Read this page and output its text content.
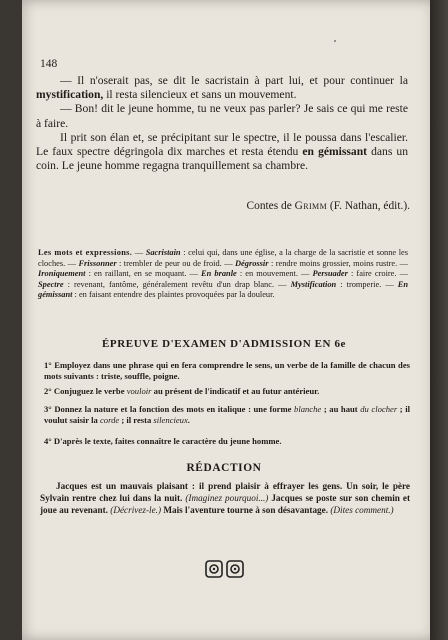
148

— Il n'oserait pas, se dit le sacristain à part lui, et pour continuer la mystification, il resta silencieux et sans un mouvement.

— Bon! dit le jeune homme, tu ne veux pas parler? Je sais ce qui me reste à faire.

Il prit son élan et, se précipitant sur le spectre, il le poussa dans l'escalier. Le faux spectre dégringola dix marches et resta étendu en gémissant dans un coin. Le jeune homme regagna tranquillement sa chambre.

Contes de Grimm (F. Nathan, édit.).
Les mots et expressions. — Sacristain : celui qui, dans une église, a la charge de la sacristie et sonne les cloches. — Frissonner : trembler de peur ou de froid. — Dégrossir : rendre moins grossier, moins rustre. — Ironiquement : en raillant, en se moquant. — En branle : en mouvement. — Persuader : faire croire. — Spectre : revenant, fantôme, généralement revêtu d'un drap blanc. — Mystification : tromperie. — En gémissant : en faisant entendre des plaintes provoquées par la douleur.
ÉPREUVE D'EXAMEN D'ADMISSION EN 6e
1° Employez dans une phrase qui en fera comprendre le sens, un verbe de la famille de chacun des mots suivants : triste, souffle, poigne.
2° Conjuguez le verbe vouloir au présent de l'indicatif et au futur antérieur.
3° Donnez la nature et la fonction des mots en italique : une forme blanche ; au haut du clocher ; il voulut saisir la corde ; il resta silencieux.
4° D'après le texte, faites connaître le caractère du jeune homme.
RÉDACTION
Jacques est un mauvais plaisant : il prend plaisir à effrayer les gens. Un soir, le père Sylvain rentre chez lui dans la nuit. (Imaginez pourquoi...) Jacques se poste sur son chemin et joue au revenant. (Décrivez-le.) Mais l'aventure tourne à son désavantage. (Dites comment.)
